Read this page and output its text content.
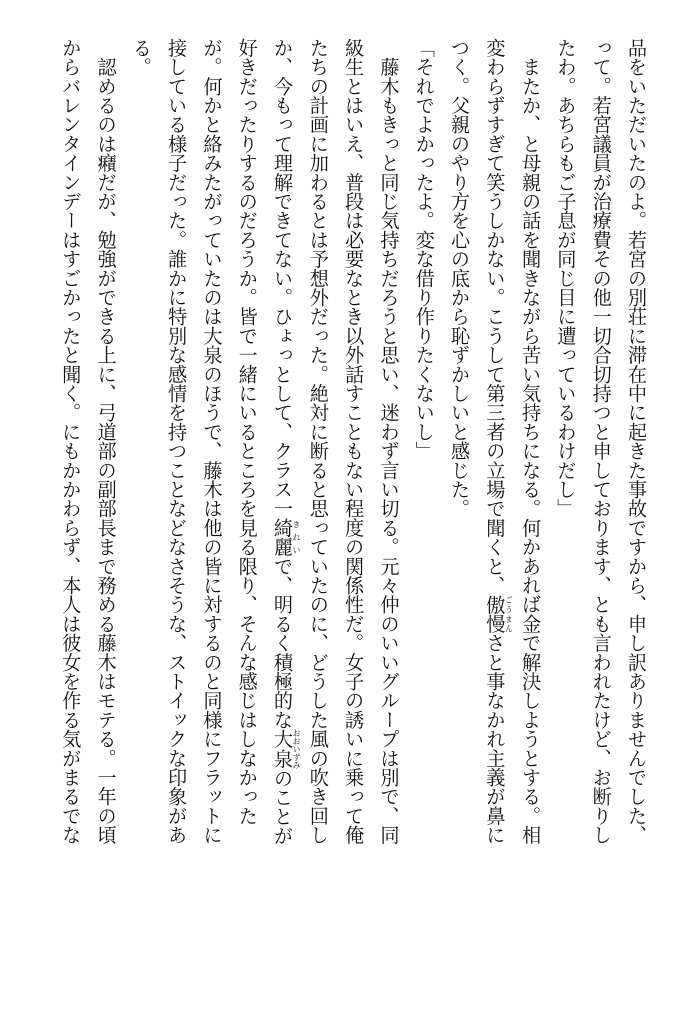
品をいただいたのよ。若宮の別荘に滞在中に起きた事故ですから、申し訳ありませんでした、
って。若宮議員が治療費その他一切合切持つと申しております、とも言われたけど、お断りし
たわ。あちらもご子息が同じ目に遭っているわけだし」
　またか、と母親の話を聞きながら苦い気持ちになる。何かあれば金で解決しようとする。相
変わらずすぎて笑うしかない。こうして第三者の立場で聞くと、傲慢ごうまんさと事なかれ主義が鼻に
つく。父親のやり方を心の底から恥ずかしいと感じた。
「それでよかったよ。変な借り作りたくないし」
　藤木もきっと同じ気持ちだろうと思い、迷わず言い切る。元々仲のいいグループは別で、同
級生とはいえ、普段は必要なとき以外話すこともない程度の関係性だ。女子の誘いに乗って俺
たちの計画に加わるとは予想外だった。絶対に断ると思っていたのに、どうした風の吹き回し
か、今もって理解できてない。ひょっとして、クラス一綺麗きれいで、明るく積極的な大泉おおいずみのことが
好きだったりするのだろうか。皆で一緒にいるところを見る限り、そんな感じはしなかった
が。何かと絡みたがっていたのは大泉のほうで、藤木は他の皆に対するのと同様にフラットに
接している様子だった。誰かに特別な感情を持つことなどなさそうな、ストイックな印象があ
る。
　認めるのは癪だが、勉強ができる上に、弓道部の副部長まで務める藤木はモテる。一年の頃
からバレンタインデーはすごかったと聞く。にもかかわらず、本人は彼女を作る気がまるでな
